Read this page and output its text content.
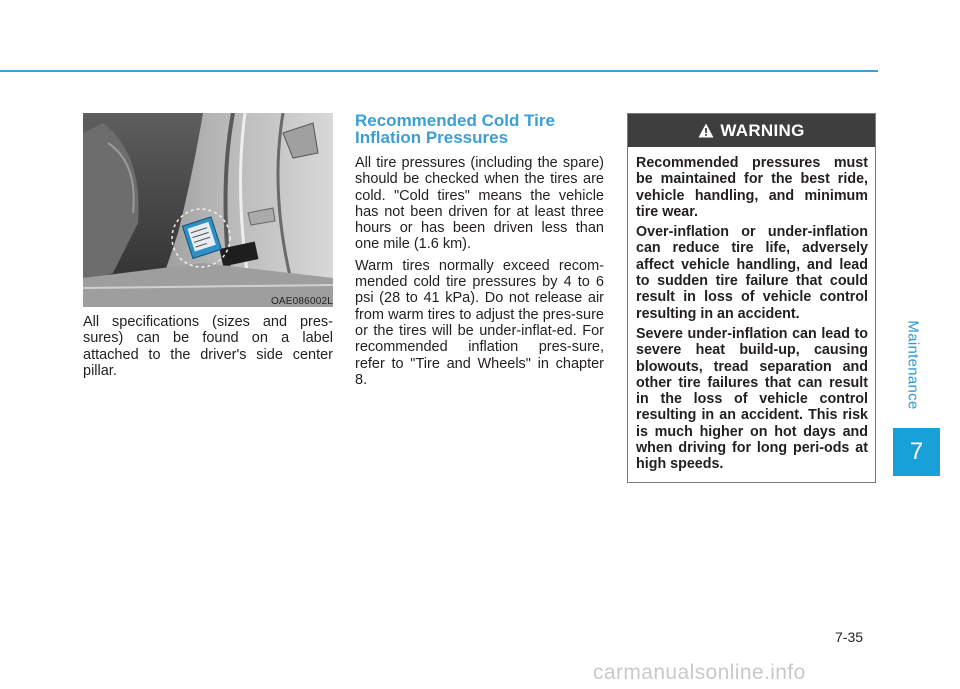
Maintenance
7
OAE086002L

All specifications (sizes and pres-sures) can be found on a label attached to the driver's side center pillar.

Recommended Cold Tire
Inflation Pressures

All tire pressures (including the spare) should be checked when the tires are cold. "Cold tires" means the vehicle has not been driven for at least three hours or has been driven less than one mile (1.6 km).

Warm tires normally exceed recom-mended cold tire pressures by 4 to 6 psi (28 to 41 kPa). Do not release air from warm tires to adjust the pres-sure or the tires will be under-inflat-ed. For recommended inflation pres-sure, refer to "Tire and Wheels" in chapter 8.

WARNING

Recommended pressures must be maintained for the best ride, vehicle handling, and minimum tire wear.

Over-inflation or under-inflation can reduce tire life, adversely affect vehicle handling, and lead to sudden tire failure that could result in loss of vehicle control resulting in an accident.

Severe under-inflation can lead to severe heat build-up, causing blowouts, tread separation and other tire failures that can result in the loss of vehicle control resulting in an accident. This risk is much higher on hot days and when driving for long peri-ods at high speeds.

7-35
carmanualsonline.info
